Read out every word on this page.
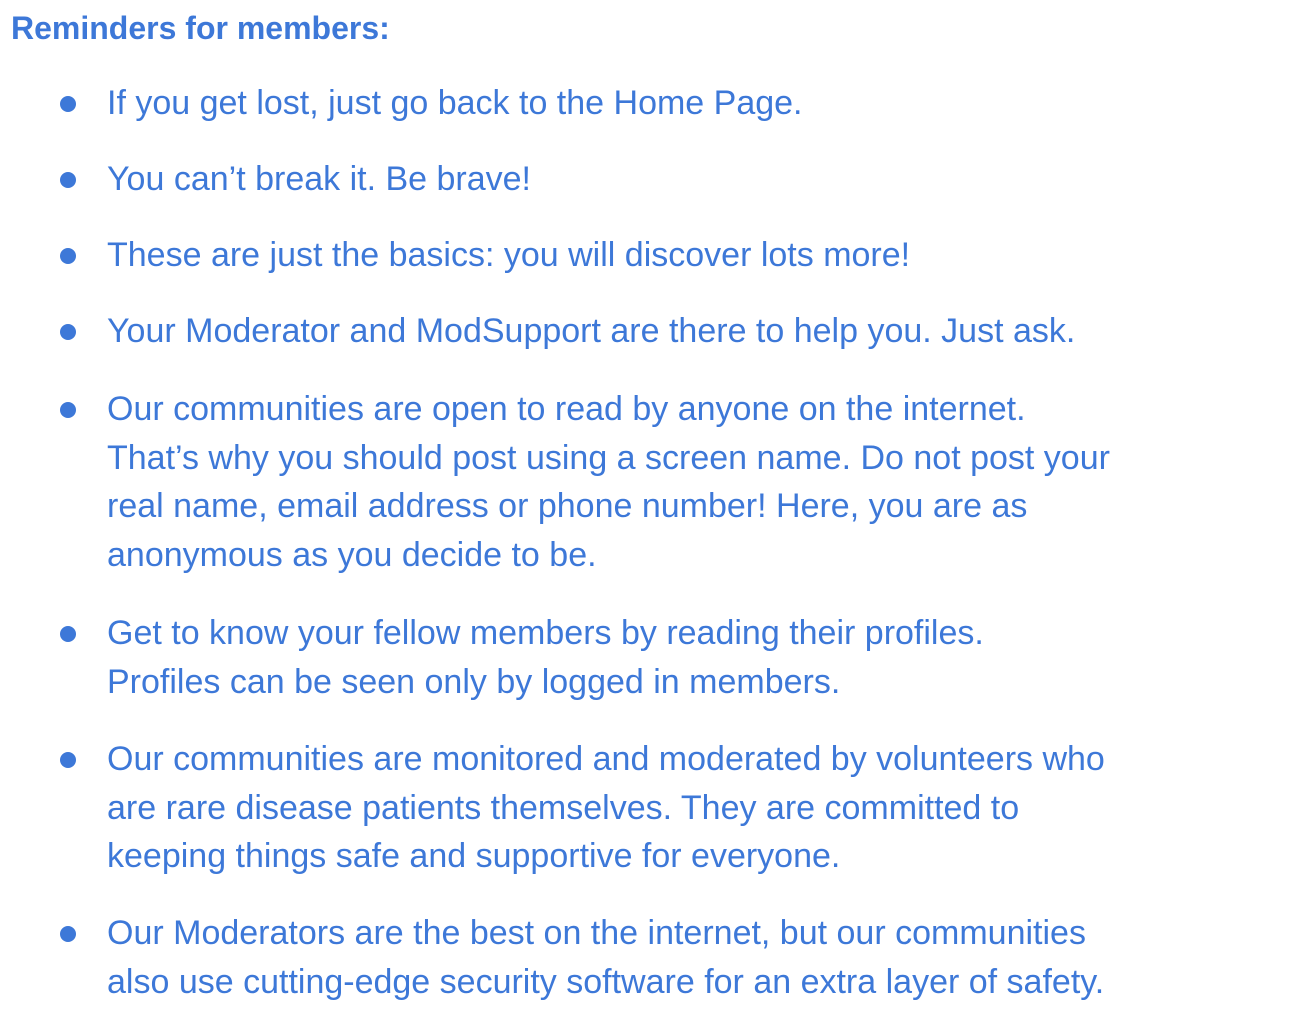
Reminders for members:
If you get lost, just go back to the Home Page.
You can’t break it. Be brave!
These are just the basics: you will discover lots more!
Your Moderator and ModSupport are there to help you. Just ask.
Our communities are open to read by anyone on the internet.
That’s why you should post using a screen name. Do not post your
real name, email address or phone number! Here, you are as
anonymous as you decide to be.
Get to know your fellow members by reading their profiles.
Profiles can be seen only by logged in members.
Our communities are monitored and moderated by volunteers who
are rare disease patients themselves. They are committed to
keeping things safe and supportive for everyone.
Our Moderators are the best on the internet, but our communities
also use cutting-edge security software for an extra layer of safety.
